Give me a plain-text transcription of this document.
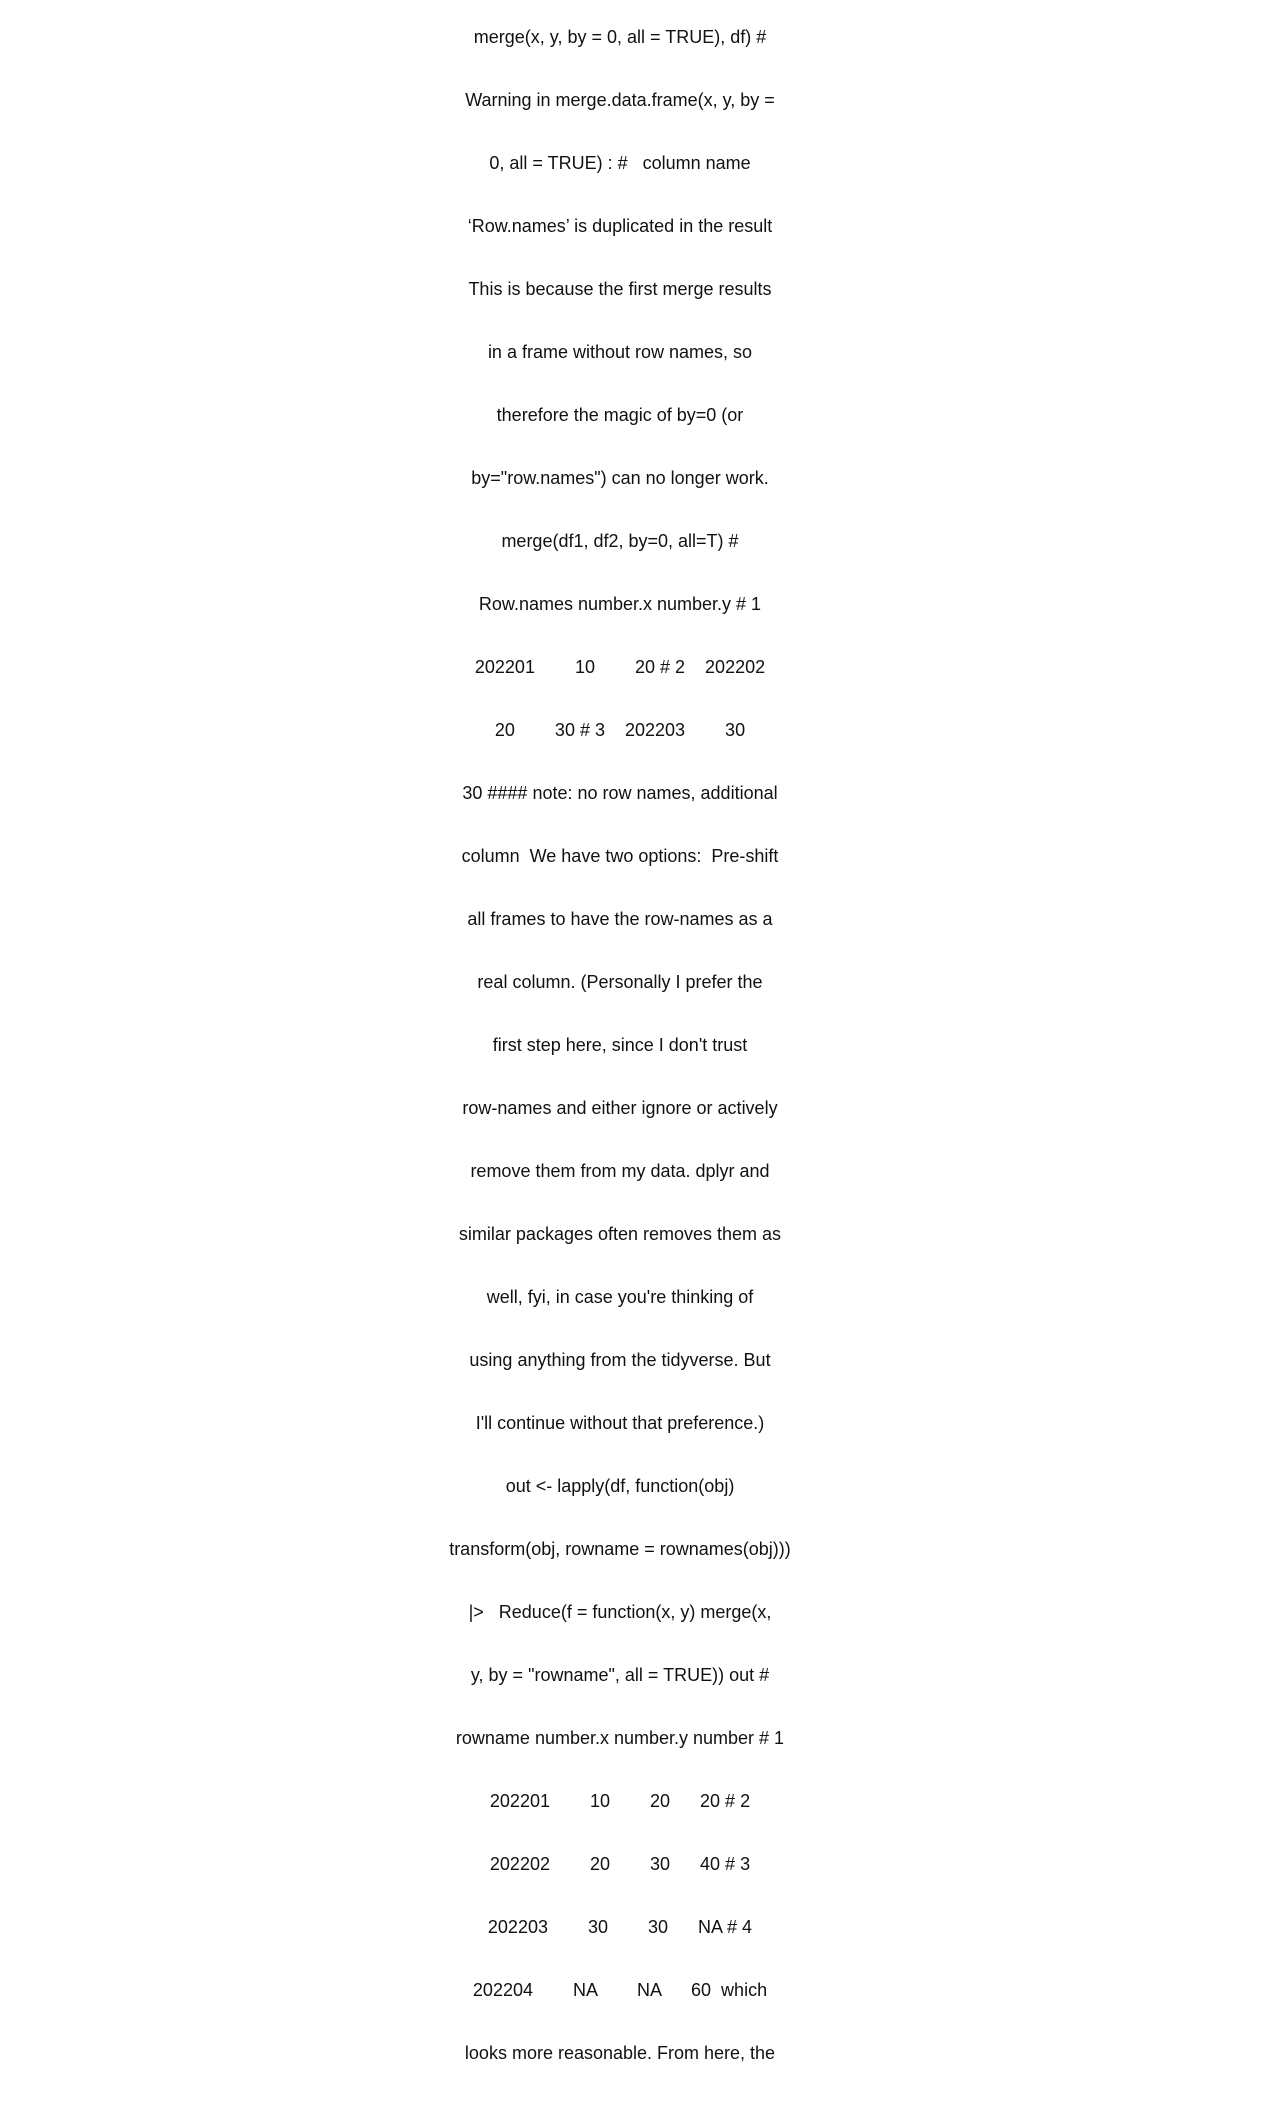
merge(x, y, by = 0, all = TRUE), df) #

Warning in merge.data.frame(x, y, by =

0, all = TRUE) : #   column name

‘Row.names’ is duplicated in the result

This is because the first merge results

in a frame without row names, so

therefore the magic of by=0 (or

by="row.names") can no longer work.

merge(df1, df2, by=0, all=T) #

Row.names number.x number.y # 1

202201        10        20 # 2    202202

20        30 # 3    202203        30

30 #### note: no row names, additional

column  We have two options:  Pre-shift

all frames to have the row-names as a

real column. (Personally I prefer the

first step here, since I don't trust

row-names and either ignore or actively

remove them from my data. dplyr and

similar packages often removes them as

well, fyi, in case you're thinking of

using anything from the tidyverse. But

I'll continue without that preference.)

out <- lapply(df, function(obj)

transform(obj, rowname = rownames(obj)))

|>   Reduce(f = function(x, y) merge(x,

y, by = "rowname", all = TRUE)) out #

rowname number.x number.y number # 1

202201        10        20      20 # 2

202202        20        30      40 # 3

202203        30        30      NA # 4

202204        NA        NA      60  which

looks more reasonable. From here, the
